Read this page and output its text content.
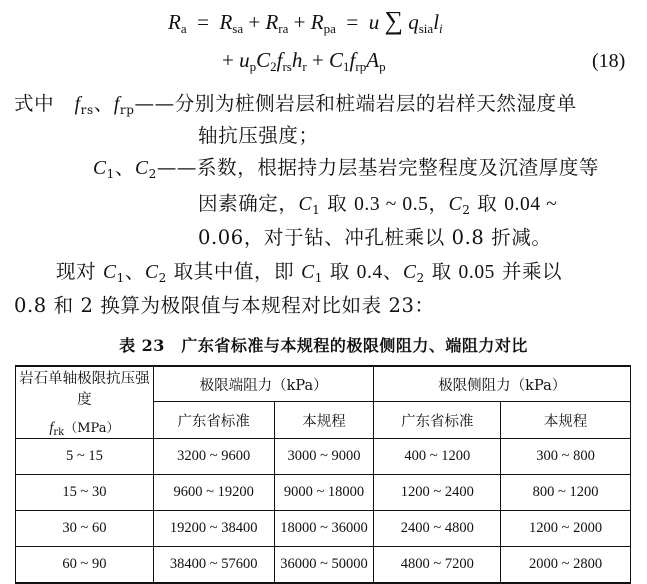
$R_a = R_{sa} + R_{ra} + R_{pa} = u$ ∑ $q_{sia}l_i$
+ $u_pC_2f_{rs}h_r + C_1f_{rp}A_p$	(18)
式中 $f_{rs}$、$f_{rp}——$分别为桩侧岩层和桩端岩层的岩样天然湿度单
轴抗压强度；
$C_1$、$C_2——$系数，根据持力层基岩完整程度及沉渣厚度等
因素确定，$C_1$ 取 0.3 ~ 0.5，$C_2$ 取 0.04 ~
0.06，对于钻、冲孔桩乘以 0.8 折减。
现对 $C_1$、$C_2$ 取其中值，即 $C_1$ 取 0.4、$C_2$ 取 0.05 并乘以
0.8 和 2 换算为极限值与本规程对比如表 23：
表 23　广东省标准与本规程的极限侧阻力、端阻力对比
岩石单轴极限抗压强度
$f_{rk}(MPa)$	极限端阻力（kPa）		极限侧阻力（kPa）	
	广东省标准	本规程	广东省标准	本规程
5 ~ 15	3200 ~ 9600	3000 ~ 9000	400 ~ 1200	300 ~ 800
15 ~ 30	9600 ~ 19200	9000 ~ 18000	1200 ~ 2400	800 ~ 1200
30 ~ 60	19200 ~ 38400	18000 ~ 36000	2400 ~ 4800	1200 ~ 2000
60 ~ 90	38400 ~ 57600	36000 ~ 50000	4800 ~ 7200	2000 ~ 2800
